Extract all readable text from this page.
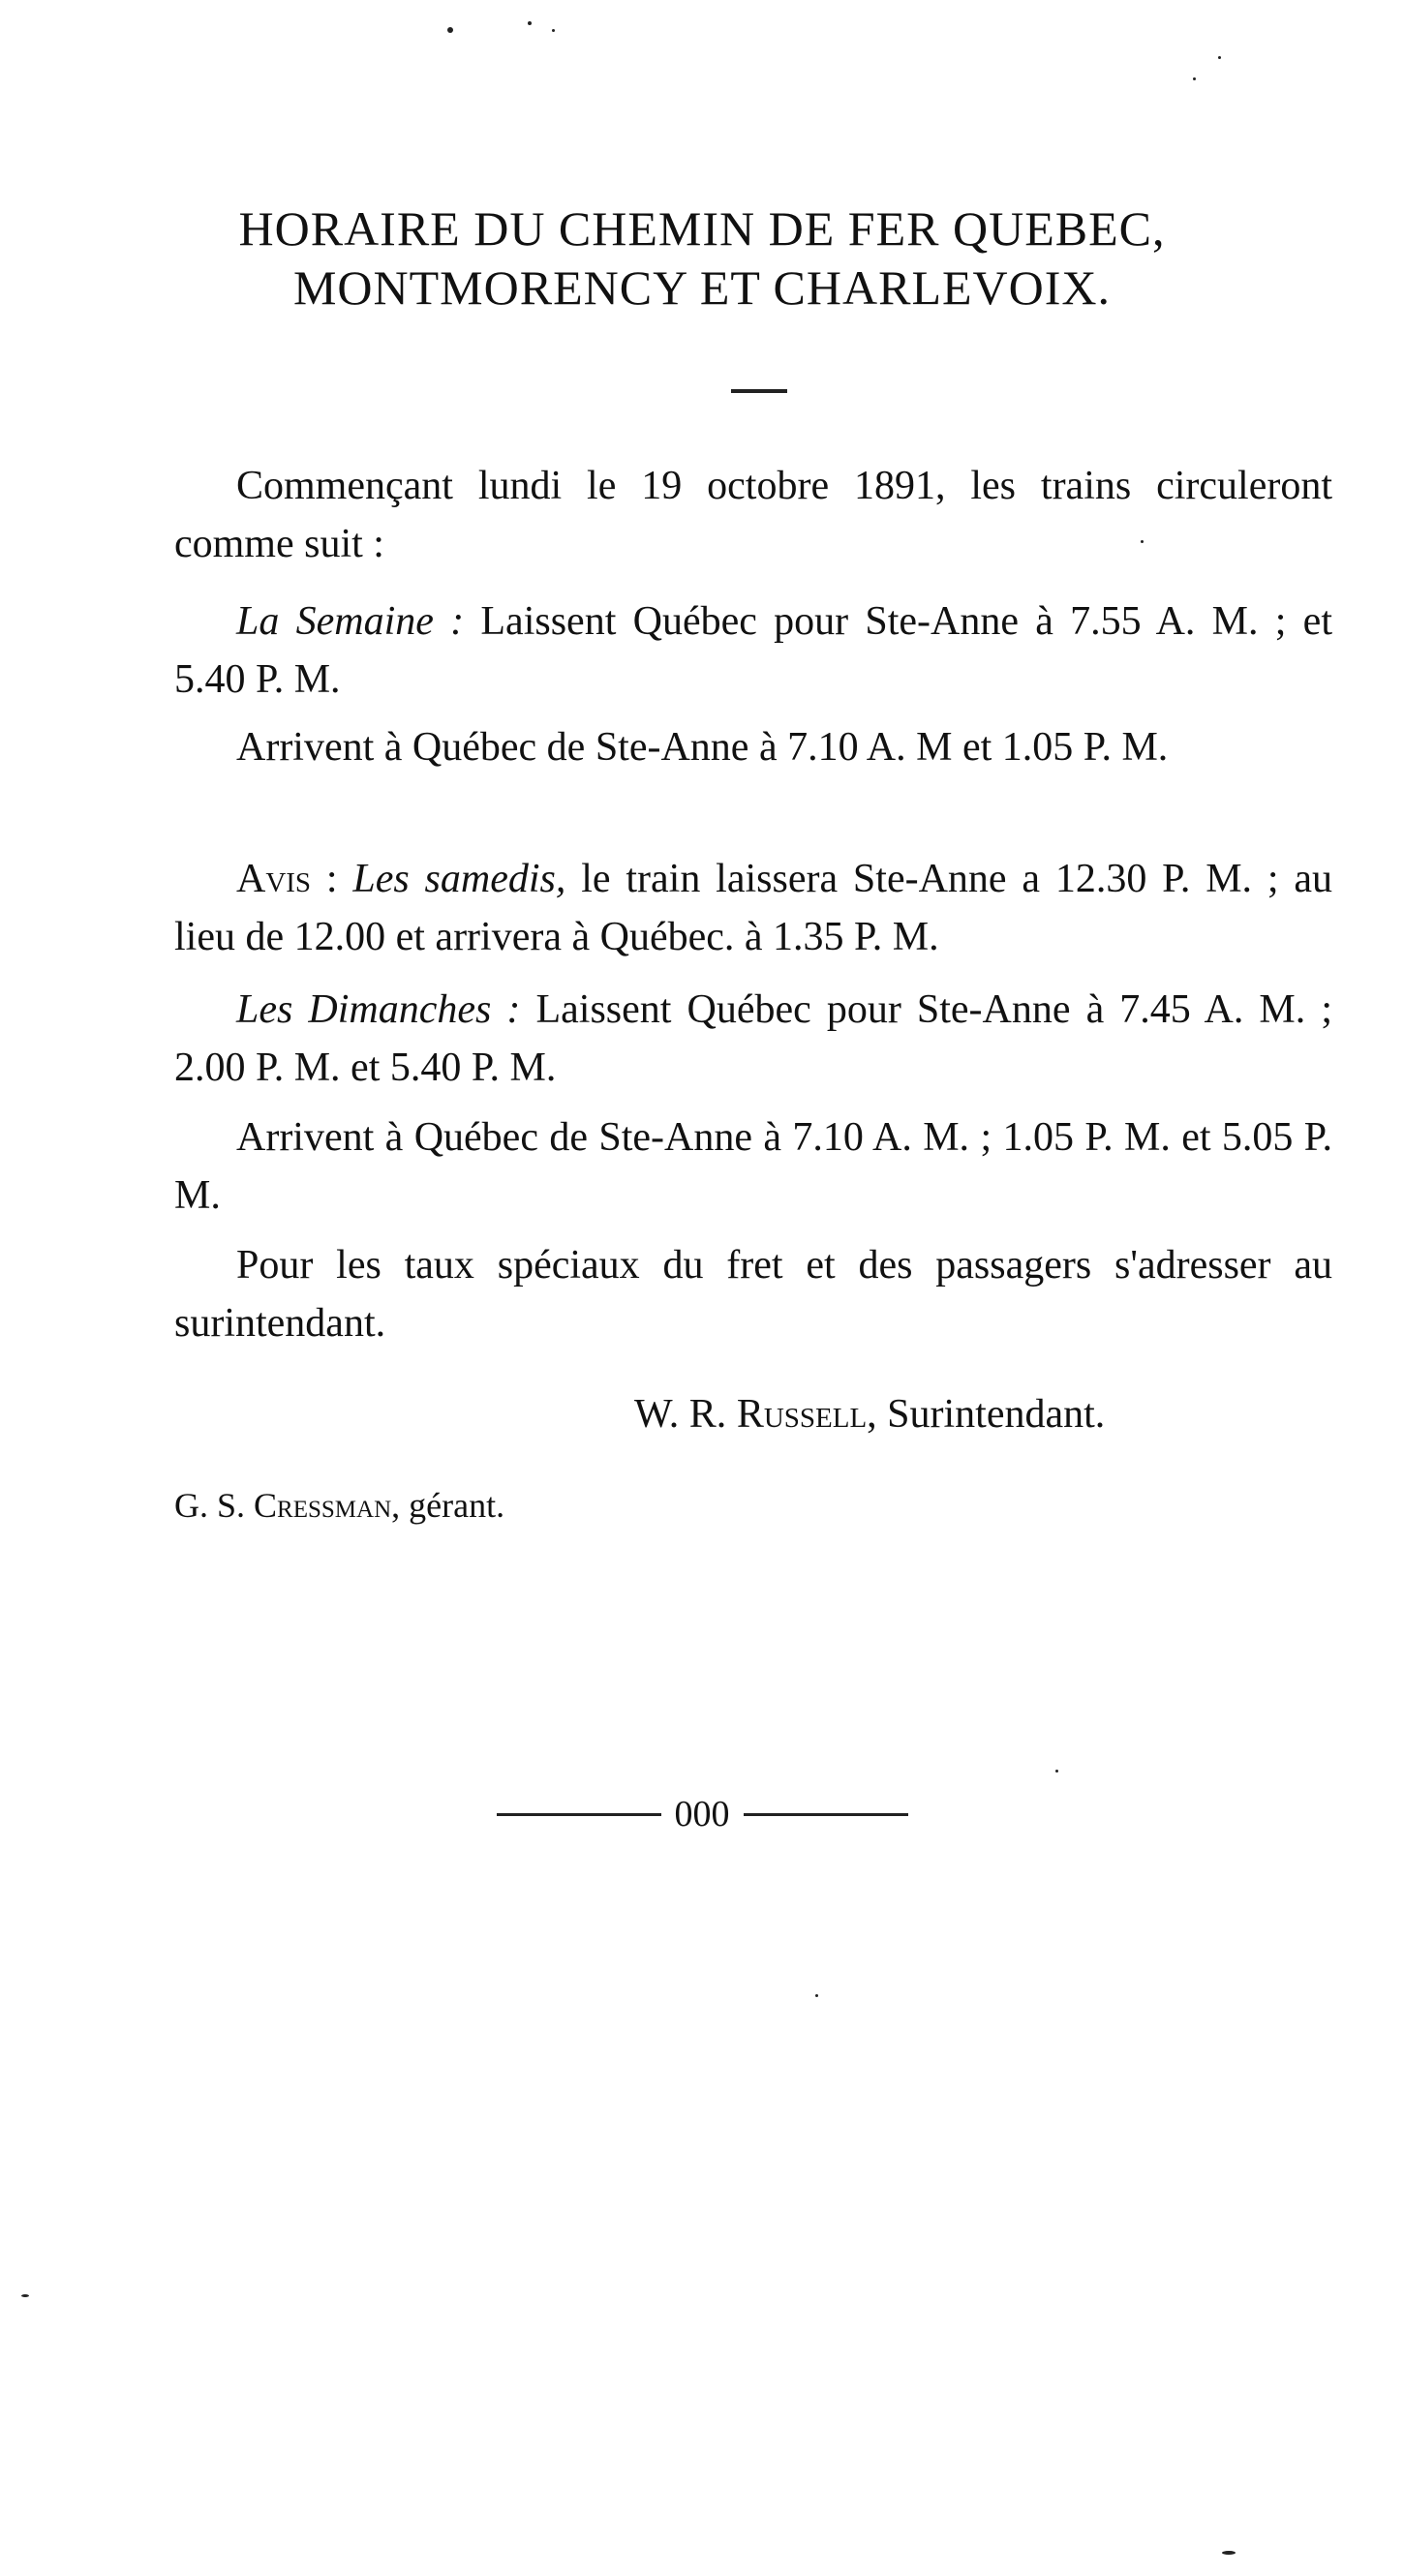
HORAIRE DU CHEMIN DE FER QUEBEC,
MONTMORENCY ET CHARLEVOIX.
Commençant lundi le 19 octobre 1891, les trains circuleront comme suit :
La Semaine : Laissent Québec pour Ste-Anne à 7.55 A. M. ; et 5.40 P. M.
Arrivent à Québec de Ste-Anne à 7.10 A. M et 1.05 P. M.
Avis : Les samedis, le train laissera Ste-Anne a 12.30 P. M. ; au lieu de 12.00 et arrivera à Québec. à 1.35 P. M.
Les Dimanches : Laissent Québec pour Ste-Anne à 7.45 A. M. ; 2.00 P. M. et 5.40 P. M.
Arrivent à Québec de Ste-Anne à 7.10 A. M. ; 1.05 P. M. et 5.05 P. M.
Pour les taux spéciaux du fret et des passagers s'adresser au surintendant.
W. R. Russell, Surintendant.
G. S. Cressman, gérant.
000
